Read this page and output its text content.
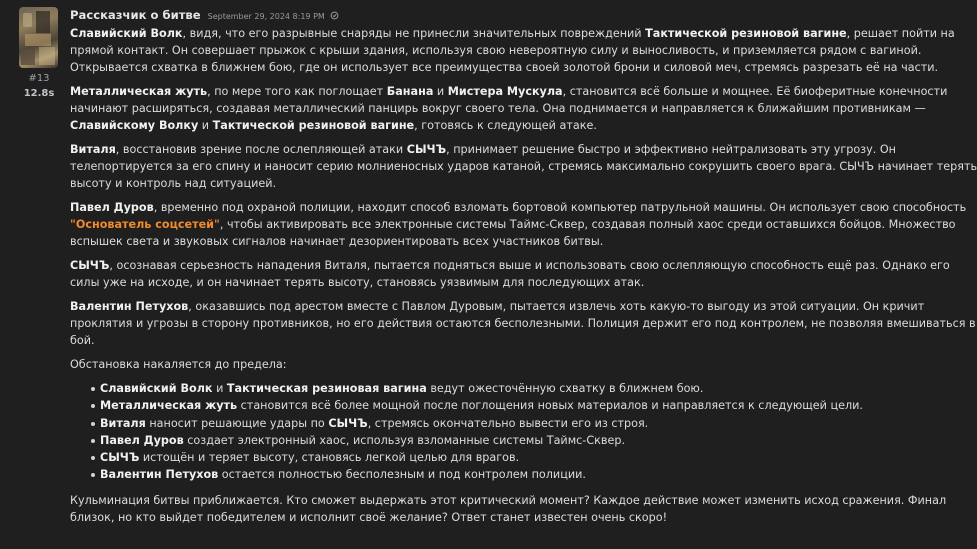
#13
12.8s
Рассказчик о битве September 29, 2024 8:19 PM

Славийский Волк, видя, что его разрывные снаряды не принесли значительных повреждений Тактической резиновой вагине, решает пойти на
прямой контакт. Он совершает прыжок с крыши здания, используя свою невероятную силу и выносливость, и приземляется рядом с вагиной.
Открывается схватка в ближнем бою, где он использует все преимущества своей золотой брони и силовой меч, стремясь разрезать её на части.

Металлическая жуть, по мере того как поглощает Банана и Мистера Мускула, становится всё больше и мощнее. Её биоферитные конечности
начинают расширяться, создавая металлический панцирь вокруг своего тела. Она поднимается и направляется к ближайшим противникам —
Славийскому Волку и Тактической резиновой вагине, готовясь к следующей атаке.

Виталя, восстановив зрение после ослепляющей атаки СЫЧЪ, принимает решение быстро и эффективно нейтрализовать эту угрозу. Он
телепортируется за его спину и наносит серию молниеносных ударов катаной, стремясь максимально сокрушить своего врага. СЫЧЪ начинает терять
высоту и контроль над ситуацией.

Павел Дуров, временно под охраной полиции, находит способ взломать бортовой компьютер патрульной машины. Он использует свою способность
"Основатель соцсетей", чтобы активировать все электронные системы Таймс-Сквер, создавая полный хаос среди оставшихся бойцов. Множество
вспышек света и звуковых сигналов начинает дезориентировать всех участников битвы.

СЫЧЪ, осознавая серьезность нападения Виталя, пытается подняться выше и использовать свою ослепляющую способность ещё раз. Однако его
силы уже на исходе, и он начинает терять высоту, становясь уязвимым для последующих атак.

Валентин Петухов, оказавшись под арестом вместе с Павлом Дуровым, пытается извлечь хоть какую-то выгоду из этой ситуации. Он кричит
проклятия и угрозы в сторону противников, но его действия остаются бесполезными. Полиция держит его под контролем, не позволяя вмешиваться в
бой.

Обстановка накаляется до предела:

Славийский Волк и Тактическая резиновая вагина ведут ожесточённую схватку в ближнем бою.
Металлическая жуть становится всё более мощной после поглощения новых материалов и направляется к следующей цели.
Виталя наносит решающие удары по СЫЧЪ, стремясь окончательно вывести его из строя.
Павел Дуров создает электронный хаос, используя взломанные системы Таймс-Сквер.
СЫЧЪ истощён и теряет высоту, становясь легкой целью для врагов.
Валентин Петухов остается полностью бесполезным и под контролем полиции.

Кульминация битвы приближается. Кто сможет выдержать этот критический момент? Каждое действие может изменить исход сражения. Финал
близок, но кто выйдет победителем и исполнит своё желание? Ответ станет известен очень скоро!
